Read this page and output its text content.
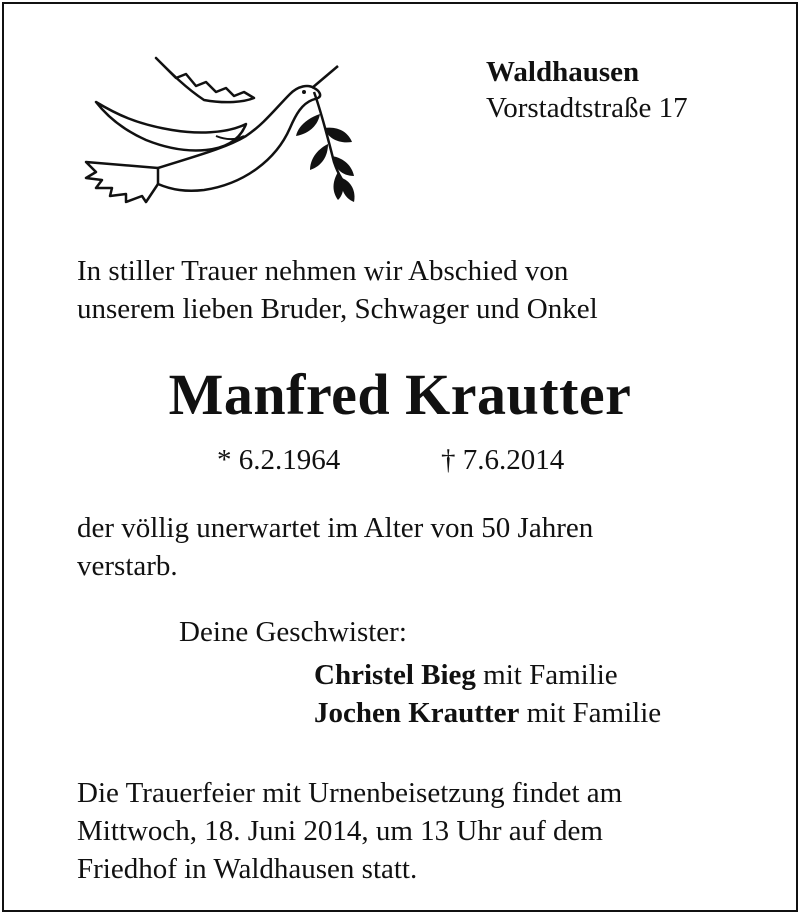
Waldhausen
Vorstadtstraße 17
In stiller Trauer nehmen wir Abschied von
unserem lieben Bruder, Schwager und Onkel
Manfred Krautter
* 6.2.1964	† 7.6.2014
der völlig unerwartet im Alter von 50 Jahren
verstarb.
Deine Geschwister:
Christel Bieg mit Familie
Jochen Krautter mit Familie
Die Trauerfeier mit Urnenbeisetzung findet am
Mittwoch, 18. Juni 2014, um 13 Uhr auf dem
Friedhof in Waldhausen statt.
